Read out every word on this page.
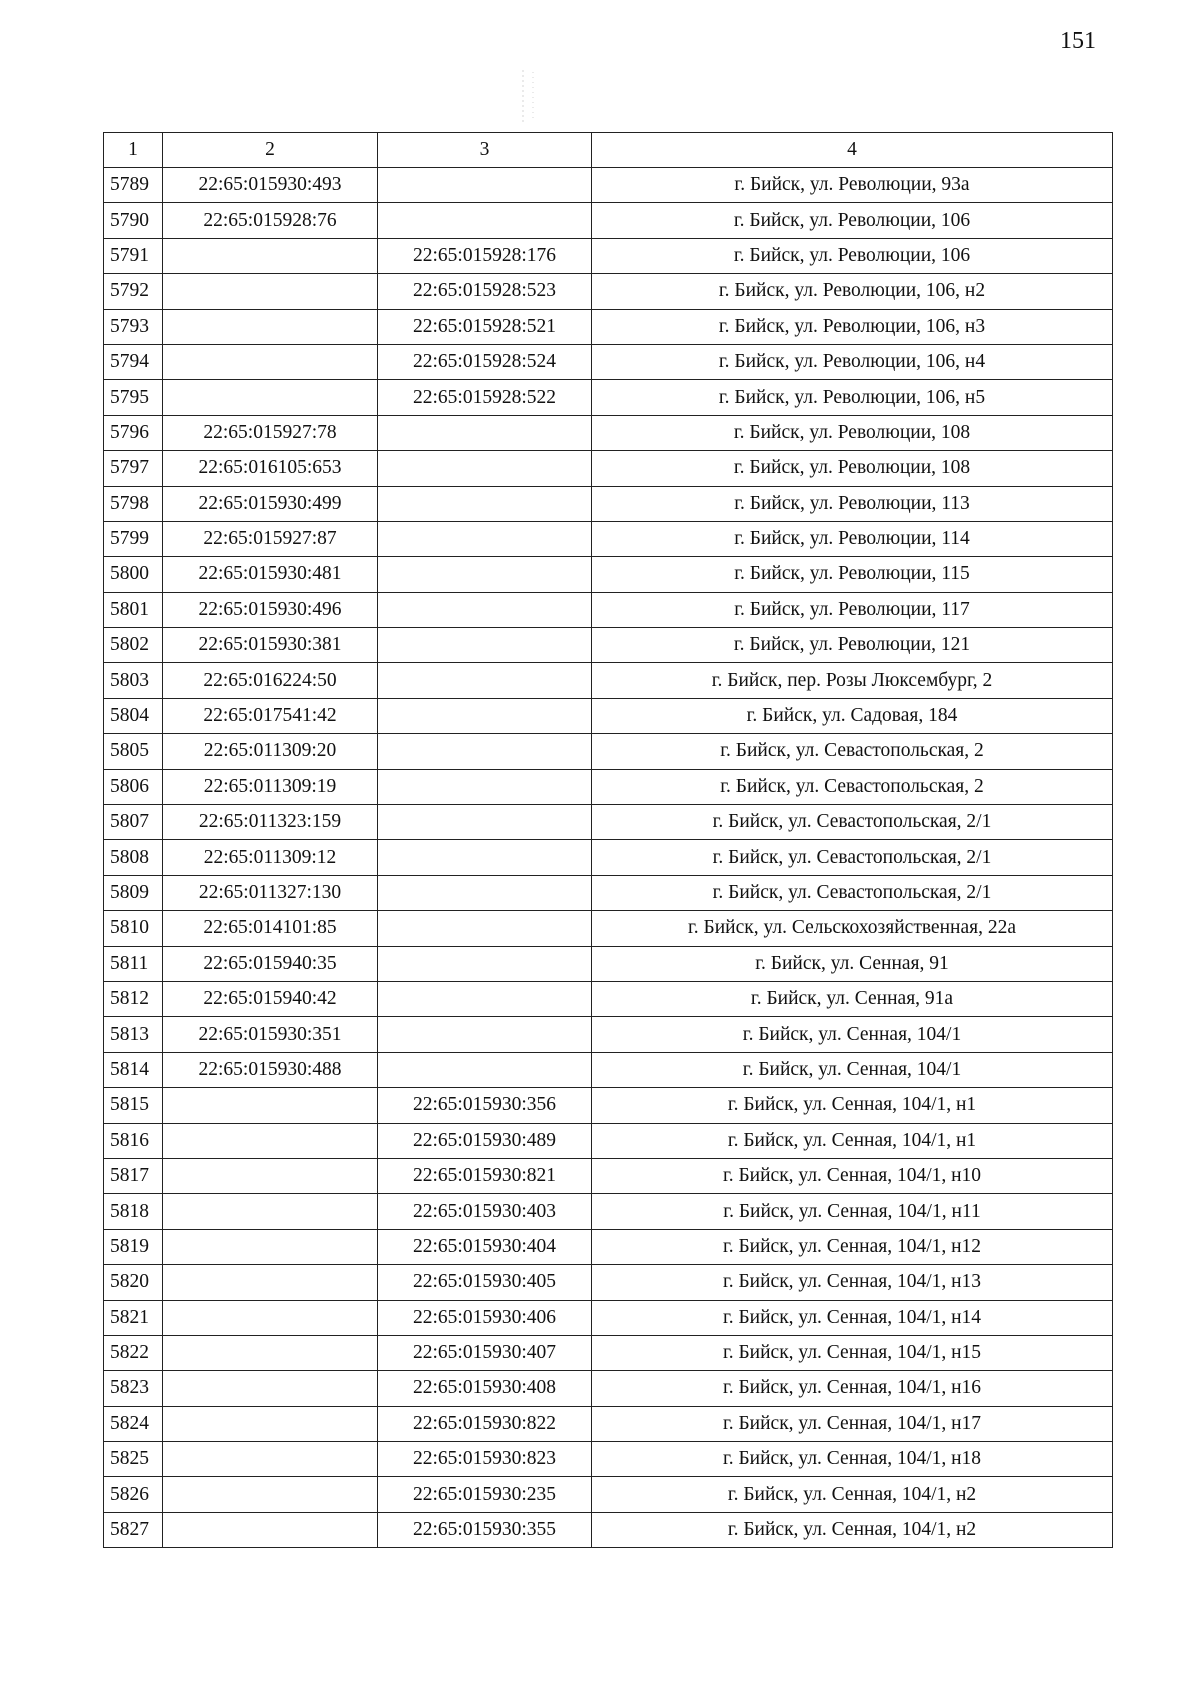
151
1	2	3	4
5789	22:65:015930:493		г. Бийск, ул. Революции, 93а
5790	22:65:015928:76		г. Бийск, ул. Революции, 106
5791		22:65:015928:176	г. Бийск, ул. Революции, 106
5792		22:65:015928:523	г. Бийск, ул. Революции, 106, н2
5793		22:65:015928:521	г. Бийск, ул. Революции, 106, н3
5794		22:65:015928:524	г. Бийск, ул. Революции, 106, н4
5795		22:65:015928:522	г. Бийск, ул. Революции, 106, н5
5796	22:65:015927:78		г. Бийск, ул. Революции, 108
5797	22:65:016105:653		г. Бийск, ул. Революции, 108
5798	22:65:015930:499		г. Бийск, ул. Революции, 113
5799	22:65:015927:87		г. Бийск, ул. Революции, 114
5800	22:65:015930:481		г. Бийск, ул. Революции, 115
5801	22:65:015930:496		г. Бийск, ул. Революции, 117
5802	22:65:015930:381		г. Бийск, ул. Революции, 121
5803	22:65:016224:50		г. Бийск, пер. Розы Люксембург, 2
5804	22:65:017541:42		г. Бийск, ул. Садовая, 184
5805	22:65:011309:20		г. Бийск, ул. Севастопольская, 2
5806	22:65:011309:19		г. Бийск, ул. Севастопольская, 2
5807	22:65:011323:159		г. Бийск, ул. Севастопольская, 2/1
5808	22:65:011309:12		г. Бийск, ул. Севастопольская, 2/1
5809	22:65:011327:130		г. Бийск, ул. Севастопольская, 2/1
5810	22:65:014101:85		г. Бийск, ул. Сельскохозяйственная, 22а
5811	22:65:015940:35		г. Бийск, ул. Сенная, 91
5812	22:65:015940:42		г. Бийск, ул. Сенная, 91а
5813	22:65:015930:351		г. Бийск, ул. Сенная, 104/1
5814	22:65:015930:488		г. Бийск, ул. Сенная, 104/1
5815		22:65:015930:356	г. Бийск, ул. Сенная, 104/1, н1
5816		22:65:015930:489	г. Бийск, ул. Сенная, 104/1, н1
5817		22:65:015930:821	г. Бийск, ул. Сенная, 104/1, н10
5818		22:65:015930:403	г. Бийск, ул. Сенная, 104/1, н11
5819		22:65:015930:404	г. Бийск, ул. Сенная, 104/1, н12
5820		22:65:015930:405	г. Бийск, ул. Сенная, 104/1, н13
5821		22:65:015930:406	г. Бийск, ул. Сенная, 104/1, н14
5822		22:65:015930:407	г. Бийск, ул. Сенная, 104/1, н15
5823		22:65:015930:408	г. Бийск, ул. Сенная, 104/1, н16
5824		22:65:015930:822	г. Бийск, ул. Сенная, 104/1, н17
5825		22:65:015930:823	г. Бийск, ул. Сенная, 104/1, н18
5826		22:65:015930:235	г. Бийск, ул. Сенная, 104/1, н2
5827		22:65:015930:355	г. Бийск, ул. Сенная, 104/1, н2
